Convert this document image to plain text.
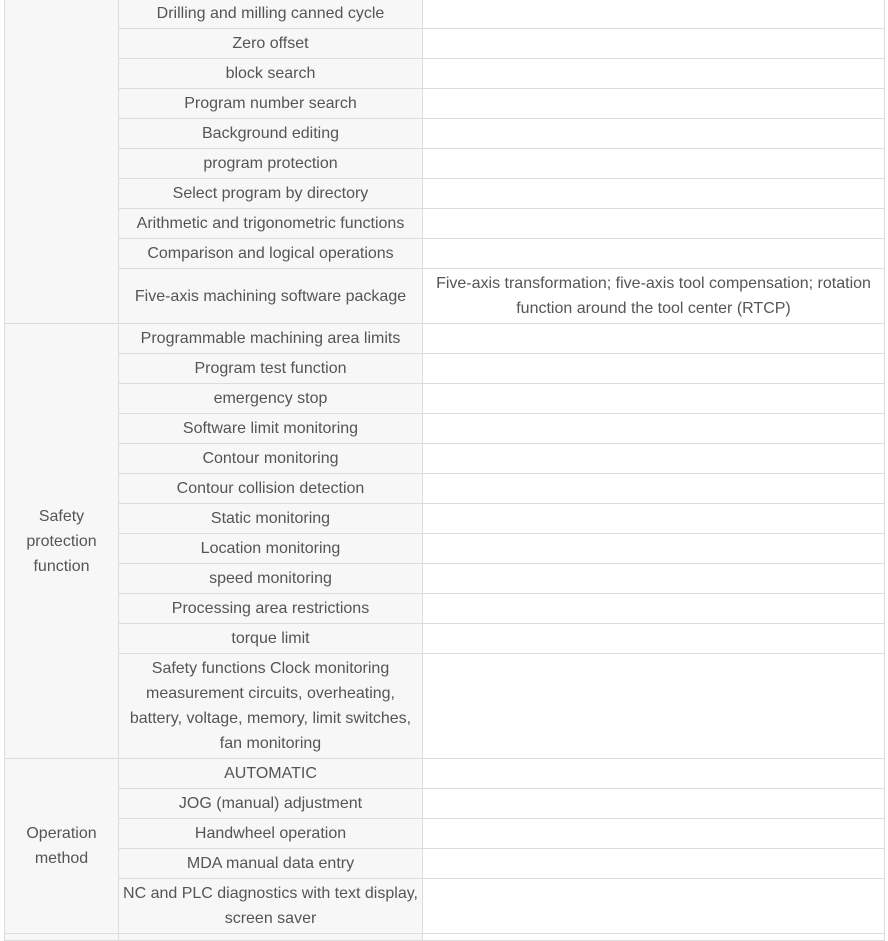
	Drilling and milling canned cycle	
	Zero offset	
	block search	
	Program number search	
	Background editing	
	program protection	
	Select program by directory	
	Arithmetic and trigonometric functions	
	Comparison and logical operations	
	Five-axis machining software package	Five-axis transformation; five-axis tool compensation; rotation function around the tool center (RTCP)
Safety protection function	Programmable machining area limits	
	Program test function	
	emergency stop	
	Software limit monitoring	
	Contour monitoring	
	Contour collision detection	
	Static monitoring	
	Location monitoring	
	speed monitoring	
	Processing area restrictions	
	torque limit	
	Safety functions Clock monitoring measurement circuits, overheating, battery, voltage, memory, limit switches, fan monitoring	
Operation method	AUTOMATIC	
	JOG (manual) adjustment	
	Handwheel operation	
	MDA manual data entry	
	NC and PLC diagnostics with text display, screen saver	
